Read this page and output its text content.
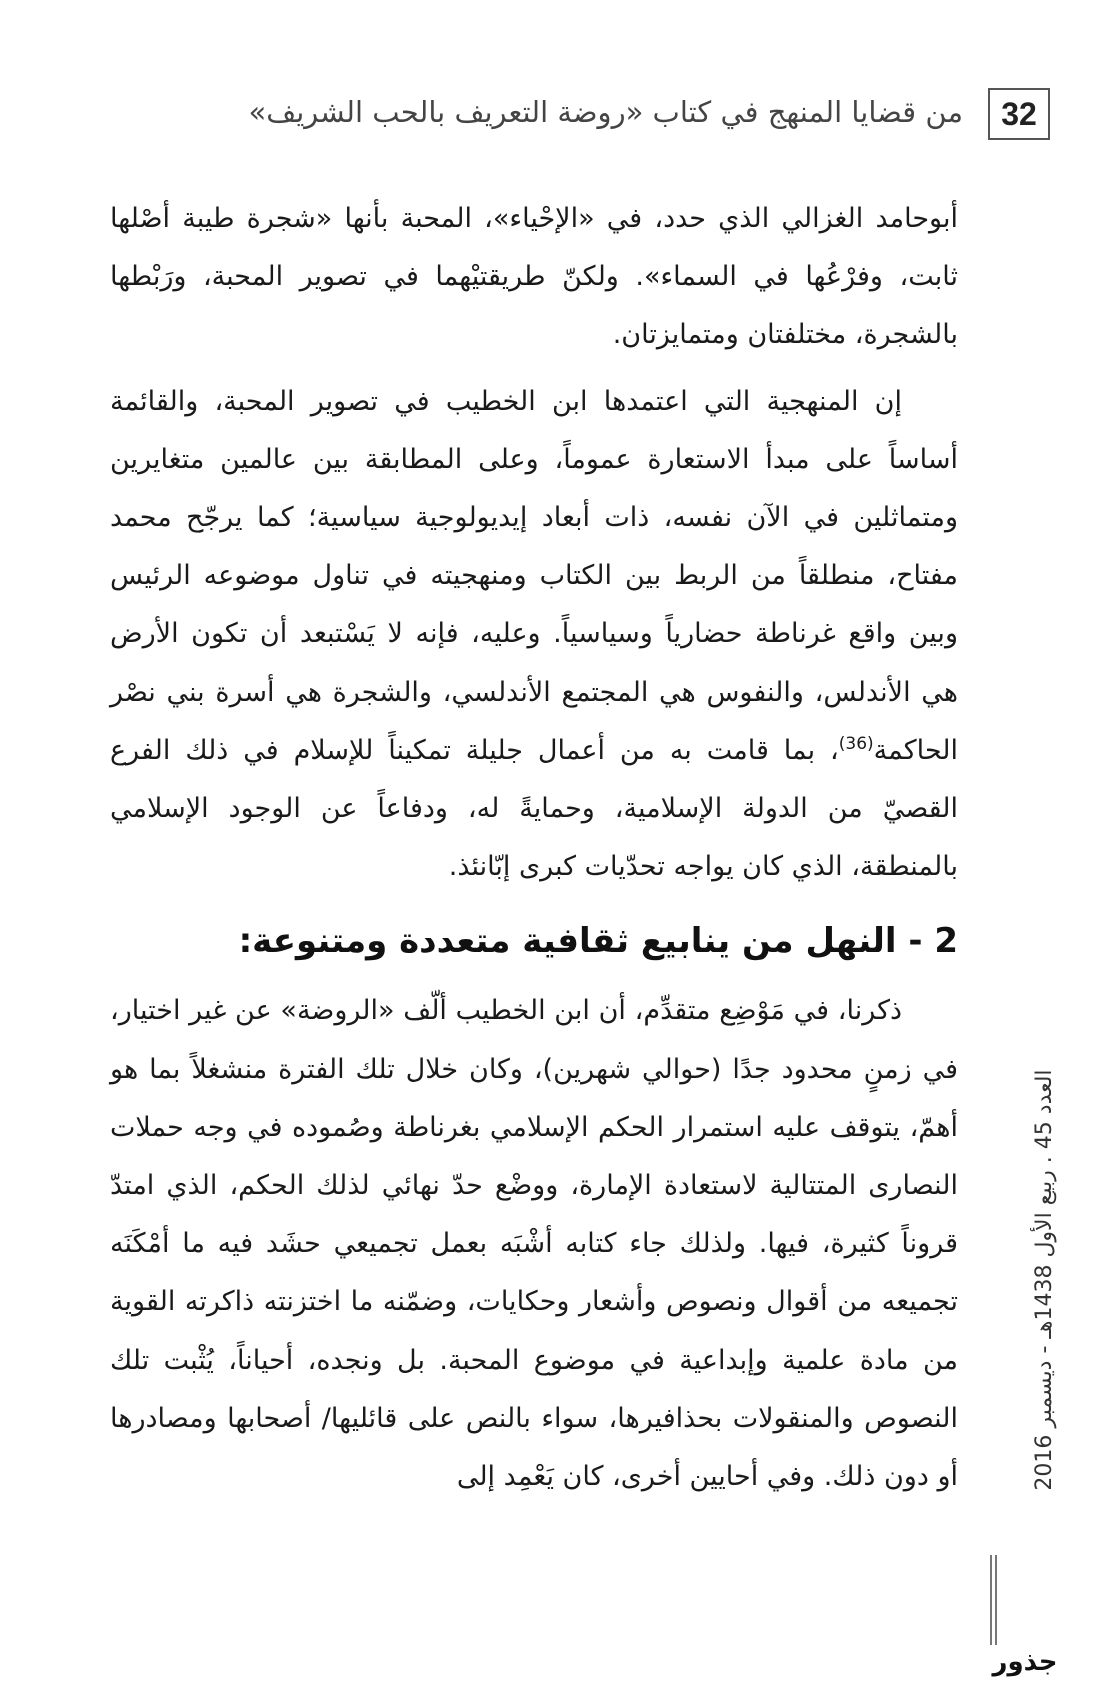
32
من قضايا المنهج في كتاب «روضة التعريف بالحب الشريف»

أبوحامد الغزالي الذي حدد، في «الإحْياء»، المحبة بأنها «شجرة طيبة أصْلها ثابت، وفرْعُها في السماء». ولكنّ طريقتيْهما في تصوير المحبة، ورَبْطها بالشجرة، مختلفتان ومتمايزتان.

إن المنهجية التي اعتمدها ابن الخطيب في تصوير المحبة، والقائمة أساساً على مبدأ الاستعارة عموماً، وعلى المطابقة بين عالمين متغايرين ومتماثلين في الآن نفسه، ذات أبعاد إيديولوجية سياسية؛ كما يرجّح محمد مفتاح، منطلقاً من الربط بين الكتاب ومنهجيته في تناول موضوعه الرئيس وبين واقع غرناطة حضارياً وسياسياً. وعليه، فإنه لا يَسْتبعد أن تكون الأرض هي الأندلس، والنفوس هي المجتمع الأندلسي، والشجرة هي أسرة بني نصْر الحاكمة$^{(36)}$، بما قامت به من أعمال جليلة تمكيناً للإسلام في ذلك الفرع القصيّ من الدولة الإسلامية، وحمايةً له، ودفاعاً عن الوجود الإسلامي بالمنطقة، الذي كان يواجه تحدّيات كبرى إبّانئذ.

2 - النهل من ينابيع ثقافية متعددة ومتنوعة:

ذكرنا، في مَوْضِع متقدِّم، أن ابن الخطيب ألّف «الروضة» عن غير اختيار، في زمنٍ محدود جدًا (حوالي شهرين)، وكان خلال تلك الفترة منشغلاً بما هو أهمّ، يتوقف عليه استمرار الحكم الإسلامي بغرناطة وصُموده في وجه حملات النصارى المتتالية لاستعادة الإمارة، ووضْع حدّ نهائي لذلك الحكم، الذي امتدّ قروناً كثيرة، فيها. ولذلك جاء كتابه أشْبَه بعمل تجميعي حشَد فيه ما أمْكَنَه تجميعه من أقوال ونصوص وأشعار وحكايات، وضمّنه ما اختزنته ذاكرته القوية من مادة علمية وإبداعية في موضوع المحبة. بل ونجده، أحياناً، يُثْبت تلك النصوص والمنقولات بحذافيرها، سواء بالنص على قائليها/ أصحابها ومصادرها أو دون ذلك. وفي أحايين أخرى، كان يَعْمِد إلى	العدد 45 . ربيع الأول 1438هـ - ديسمبر 2016
جذور
